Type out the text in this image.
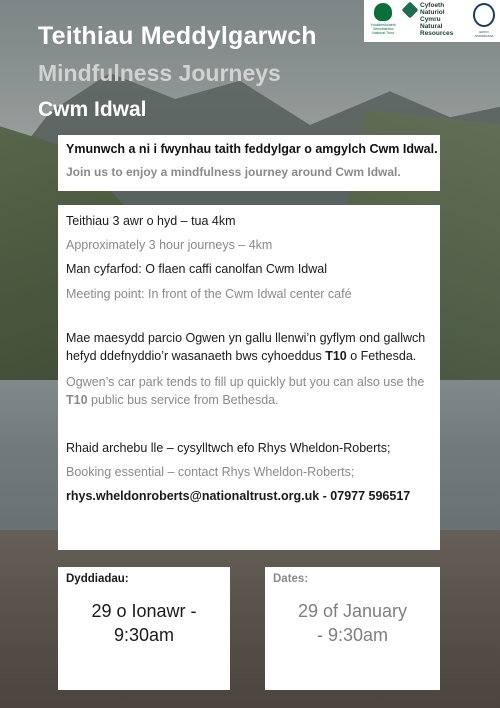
Teithiau Meddylgarwch
Mindfulness Journeys
Cwm Idwal
Ymddiriedolaeth Genedlaethol National Trust
Cyfoeth
Naturiol
Cymru
Natural
Resources	ERYRI SNOWDONIA
Ymunwch a ni i fwynhau taith feddylgar o amgylch Cwm Idwal.
Join us to enjoy a mindfulness journey around Cwm Idwal.
Teithiau 3 awr o hyd – tua 4km
Approximately 3 hour journeys – 4km
Man cyfarfod: O flaen caffi canolfan Cwm Idwal
Meeting point: In front of the Cwm Idwal center café
Mae maesydd parcio Ogwen yn gallu llenwi’n gyflym ond gallwch
hefyd ddefnyddio’r wasanaeth bws cyhoeddus T10 o Fethesda.
Ogwen’s car park tends to fill up quickly but you can also use the
T10 public bus service from Bethesda.
Rhaid archebu lle – cysylltwch efo Rhys Wheldon-Roberts;
Booking essential – contact Rhys Wheldon-Roberts;
rhys.wheldonroberts@nationaltrust.org.uk - 07977 596517
Dyddiadau:
29 o Ionawr -
9:30am
Dates:
29 of January
- 9:30am
